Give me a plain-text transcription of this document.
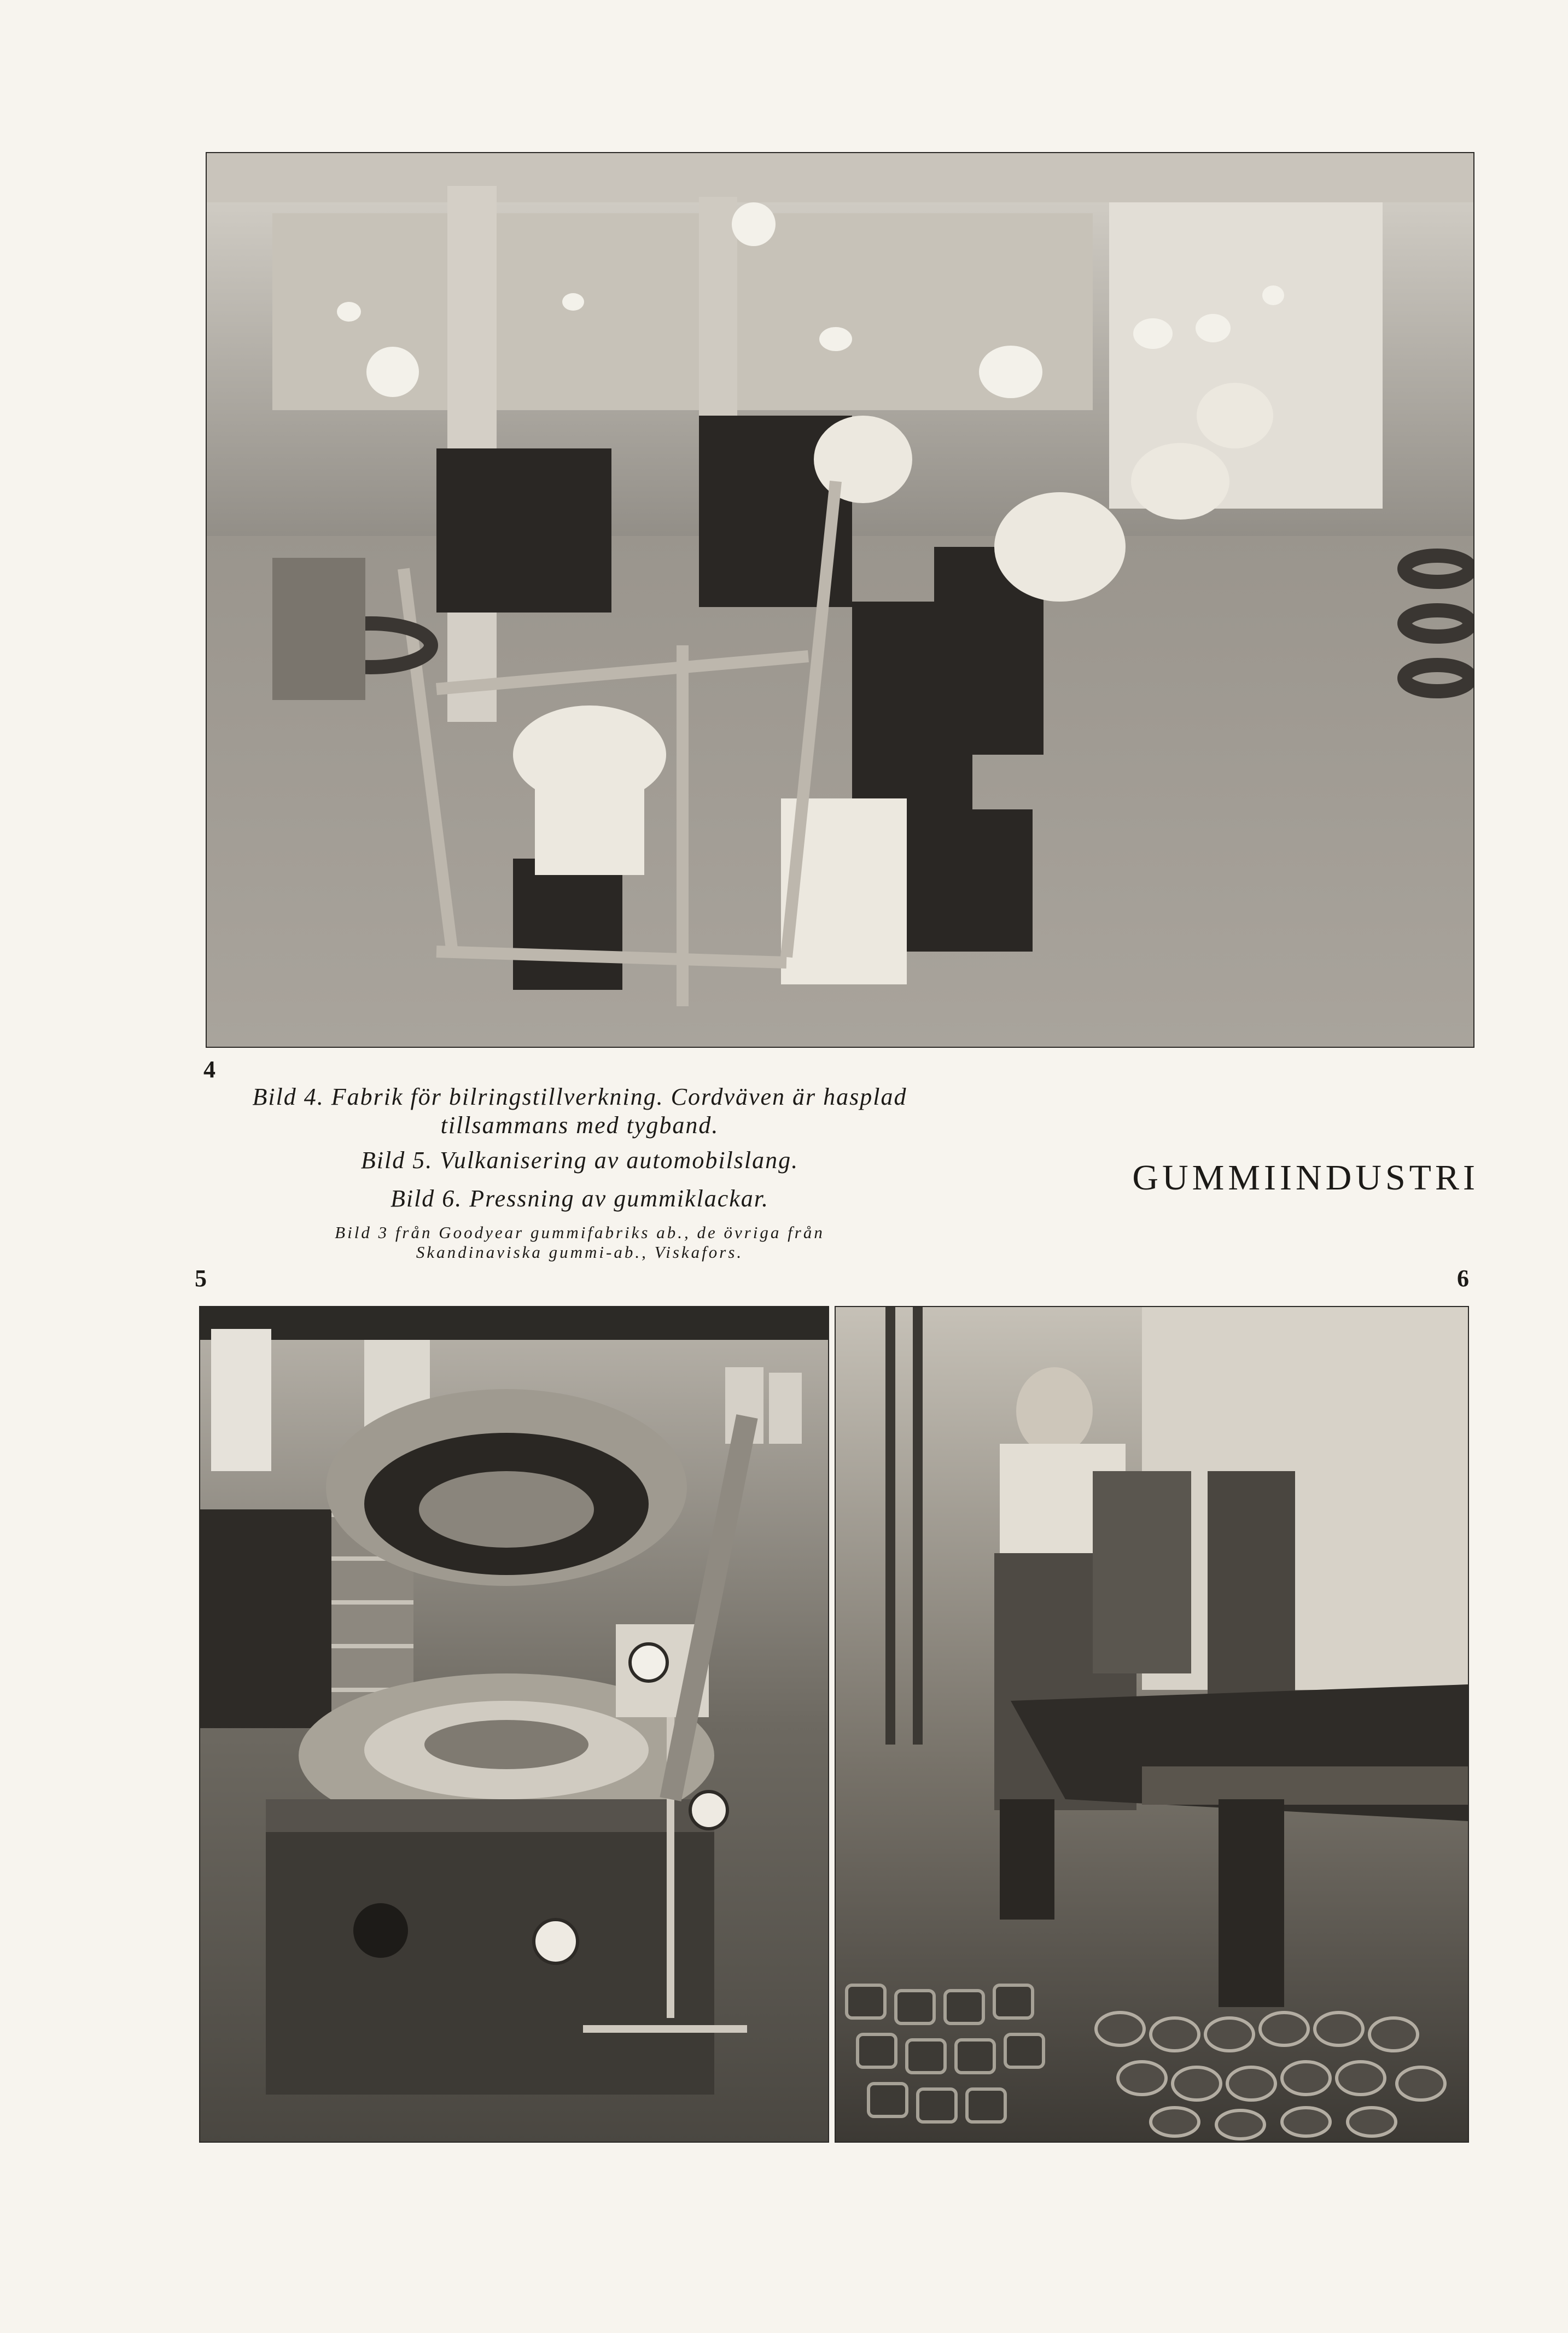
4
Bild 4. Fabrik för bilringstillverkning. Cordväven är hasplad
tillsammans med tygband.
Bild 5. Vulkanisering av automobilslang.
Bild 6. Pressning av gummiklackar.
Bild 3 från Goodyear gummifabriks ab., de övriga från
Skandinaviska gummi-ab., Viskafors.
GUMMIINDUSTRI
5	6
